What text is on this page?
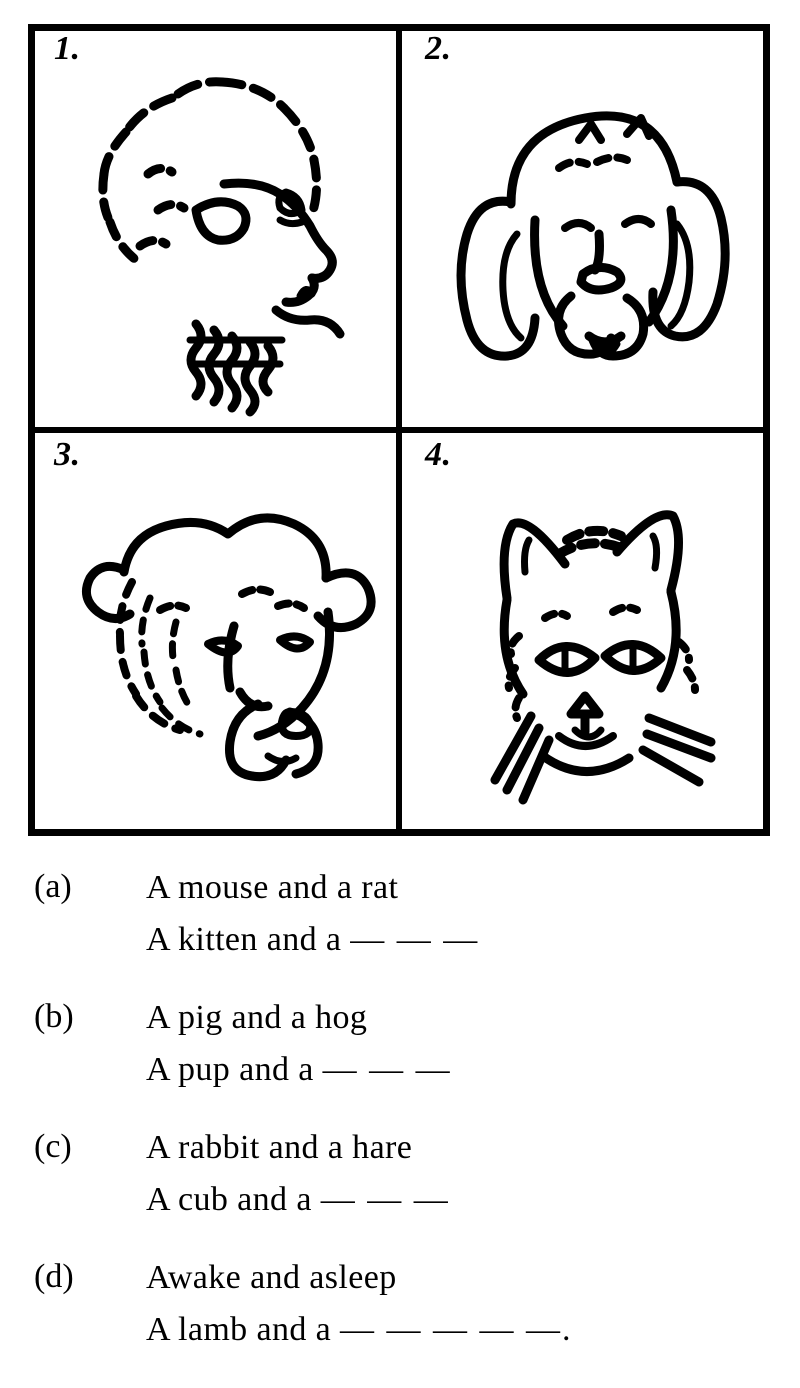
1.	2.
3.	4.
(a)	A mouse and a rat
A kitten and a — — —
(b)	A pig and a hog
A pup and a — — —
(c)	A rabbit and a hare
A cub and a — — —
(d)	Awake and asleep
A lamb and a — — — — —.
